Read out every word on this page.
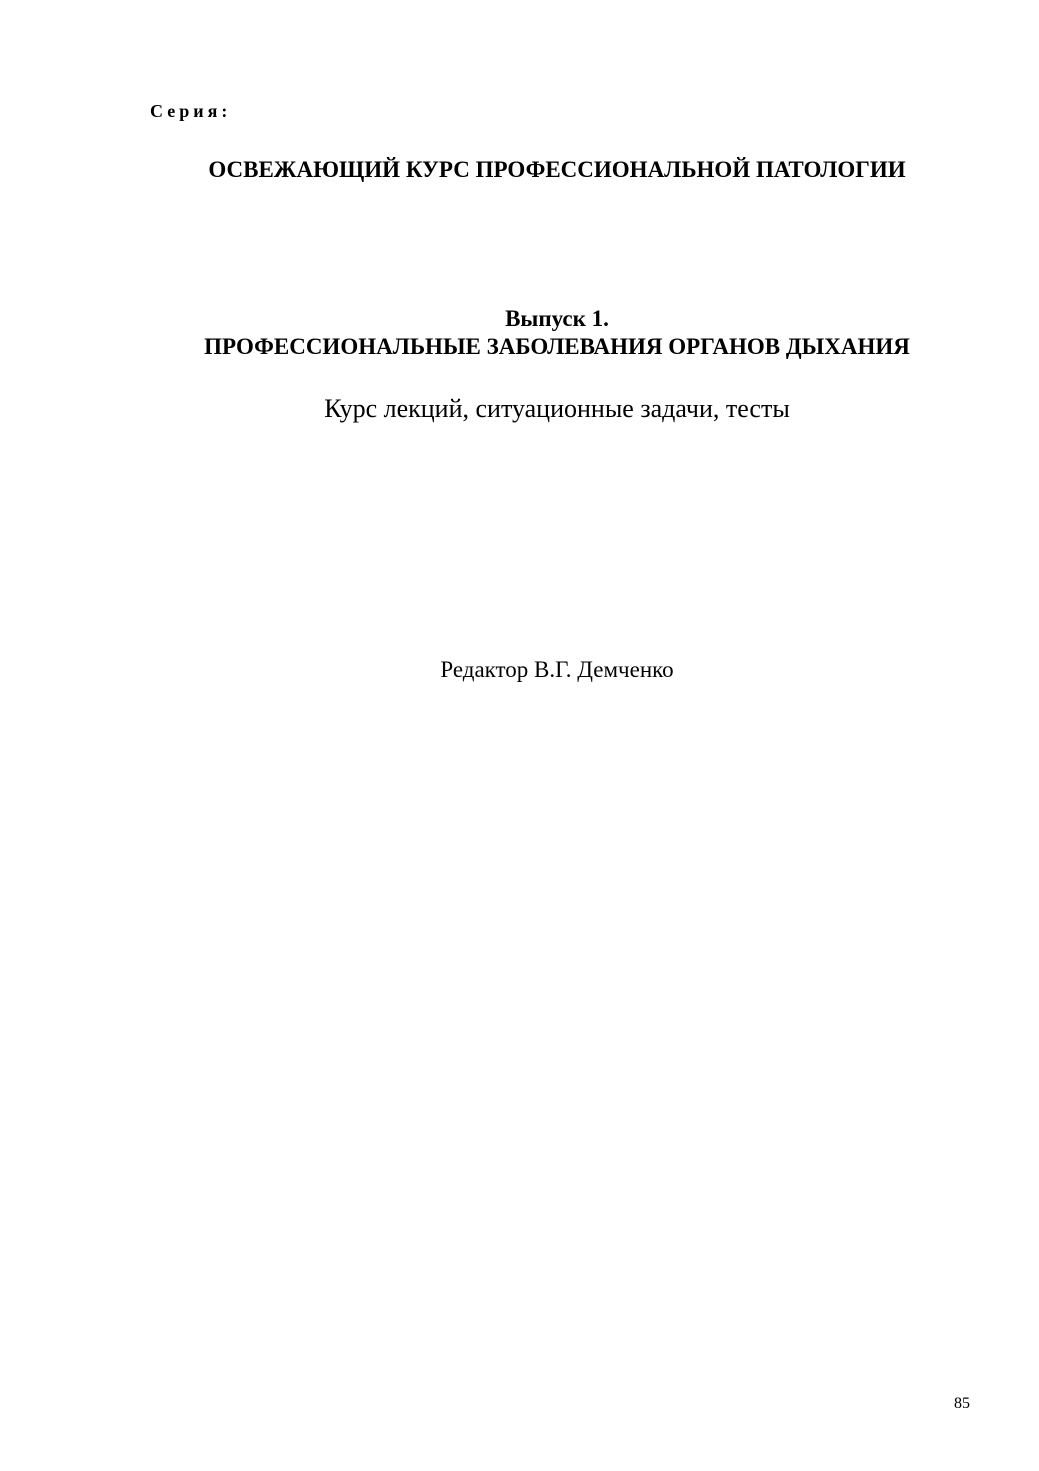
Серия:
ОСВЕЖАЮЩИЙ КУРС ПРОФЕССИОНАЛЬНОЙ ПАТОЛОГИИ
Выпуск 1.
ПРОФЕССИОНАЛЬНЫЕ ЗАБОЛЕВАНИЯ ОРГАНОВ ДЫХАНИЯ
Курс лекций, ситуационные задачи, тесты
Редактор В.Г. Демченко
85
